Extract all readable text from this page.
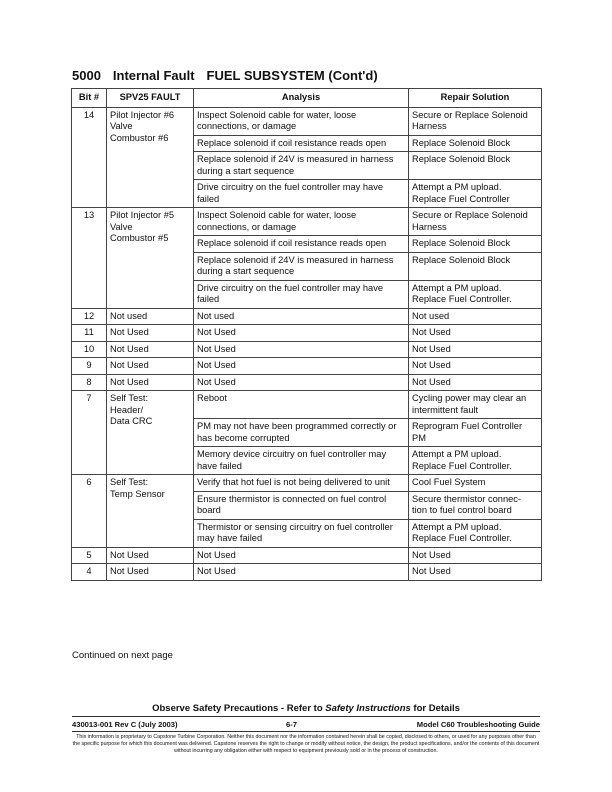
5000 Internal Fault FUEL SUBSYSTEM (Cont'd)
Bit #	SPV25 FAULT	Analysis	Repair Solution
14	Pilot Injector #6
Valve
Combustor #6	Inspect Solenoid cable for water, loose connections, or damage	Secure or Replace Solenoid Harness
		Replace solenoid if coil resistance reads open	Replace Solenoid Block
		Replace solenoid if 24V is measured in harness during a start sequence	Replace Solenoid Block
		Drive circuitry on the fuel controller may have failed	Attempt a PM upload.
Replace Fuel Controller
13	Pilot Injector #5
Valve
Combustor #5	Inspect Solenoid cable for water, loose connections, or damage	Secure or Replace Solenoid Harness
		Replace solenoid if coil resistance reads open	Replace Solenoid Block
		Replace solenoid if 24V is measured in harness during a start sequence	Replace Solenoid Block
		Drive circuitry on the fuel controller may have failed	Attempt a PM upload.
Replace Fuel Controller.
12	Not used	Not used	Not used
11	Not Used	Not Used	Not Used
10	Not Used	Not Used	Not Used
9	Not Used	Not Used	Not Used
8	Not Used	Not Used	Not Used
7	Self Test:
Header/
Data CRC	Reboot	Cycling power may clear an intermittent fault
		PM may not have been programmed correctly or has become corrupted	Reprogram Fuel Controller PM
		Memory device circuitry on fuel controller may have failed	Attempt a PM upload.
Replace Fuel Controller.
6	Self Test:
Temp Sensor	Verify that hot fuel is not being delivered to unit	Cool Fuel System
		Ensure thermistor is connected on fuel control board	Secure thermistor connec-
tion to fuel control board
		Thermistor or sensing circuitry on fuel controller may have failed	Attempt a PM upload.
Replace Fuel Controller.
5	Not Used	Not Used	Not Used
4	Not Used	Not Used	Not Used
Continued on next page
Observe Safety Precautions - Refer to Safety Instructions for Details
430013-001 Rev C (July 2003)	6-7	Model C60 Troubleshooting Guide
This information is proprietary to Capstone Turbine Corporation. Neither this document nor the information contained herein shall be copied, disclosed to others, or used for any purposes other than the specific purpose for which this document was delivered. Capstone reserves the right to change or modify without notice, the design, the product specifications, and/or the contents of this document without incurring any obligation either with respect to equipment previously sold or in the process of construction.
